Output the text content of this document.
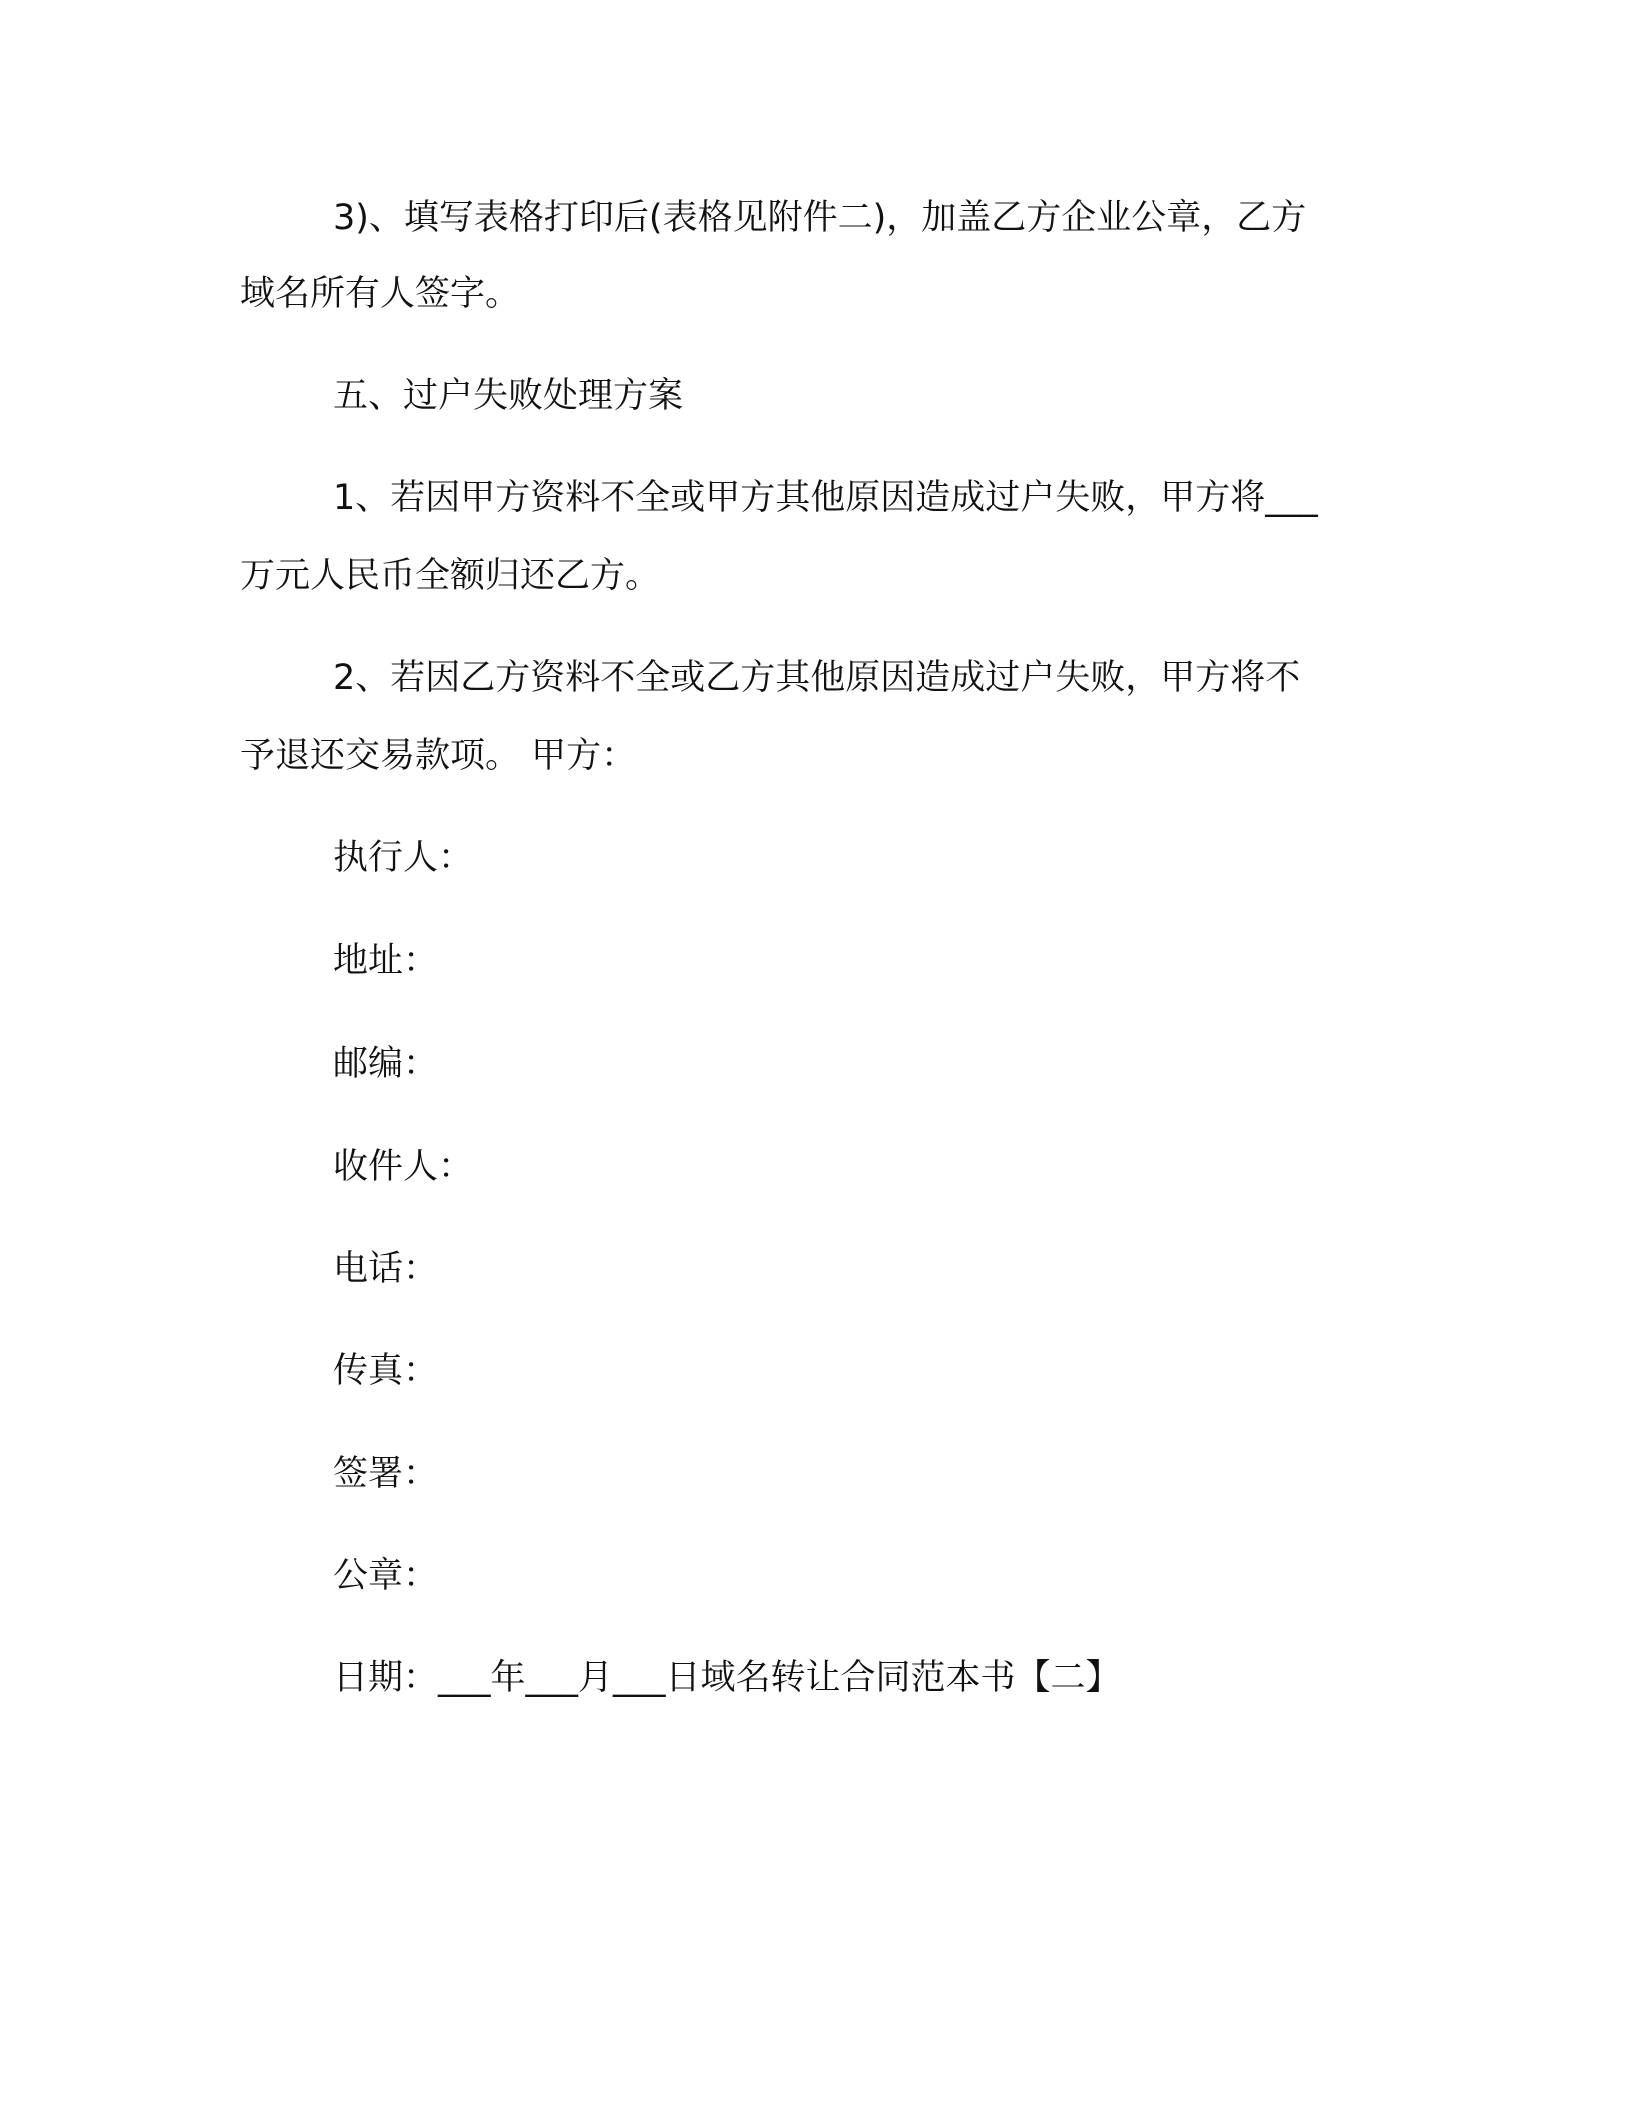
3)、填写表格打印后(表格见附件二)，加盖乙方企业公章，乙方

域名所有人签字。

五、过户失败处理方案

1、若因甲方资料不全或甲方其他原因造成过户失败，甲方将___

万元人民币全额归还乙方。

2、若因乙方资料不全或乙方其他原因造成过户失败，甲方将不

予退还交易款项。 甲方：

执行人：

地址：

邮编：

收件人：

电话：

传真：

签署：

公章：

日期：___年___月___日域名转让合同范本书【二】
